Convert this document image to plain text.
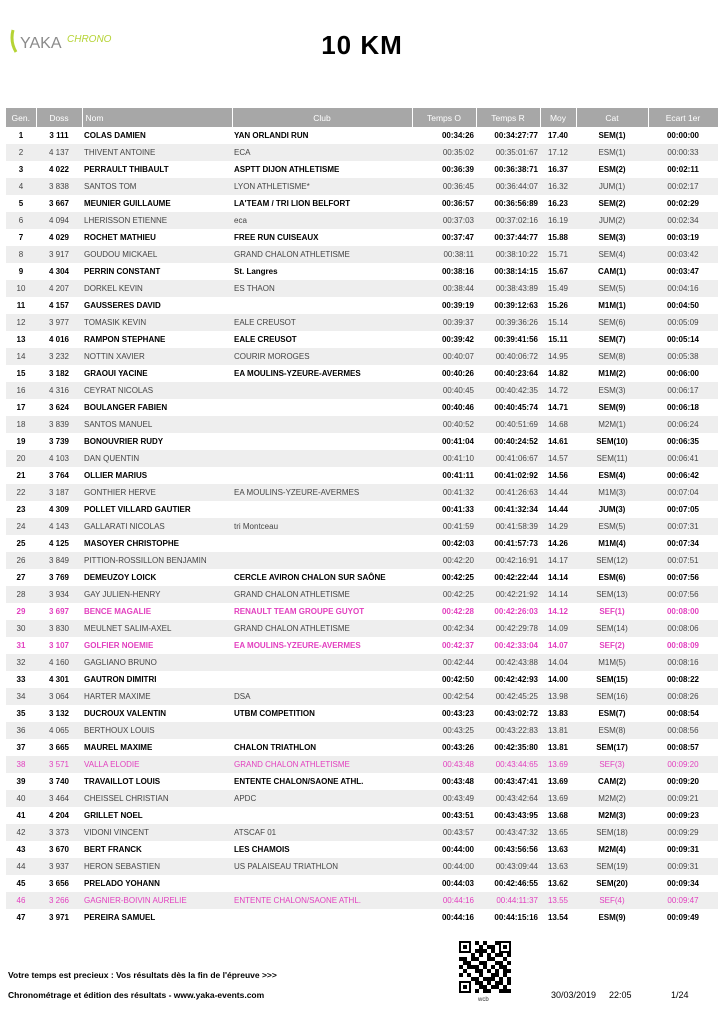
YAKA CHRONO	10 KM
Gen.	Doss	Nom	Club	Temps O	Temps R	Moy	Cat	Ecart 1er
1	3 111	COLAS DAMIEN	YAN ORLANDI RUN	00:34:26	00:34:27:77	17.40	SEM(1)	00:00:00
2	4 137	THIVENT ANTOINE	ECA	00:35:02	00:35:01:67	17.12	ESM(1)	00:00:33
3	4 022	PERRAULT THIBAULT	ASPTT DIJON ATHLETISME	00:36:39	00:36:38:71	16.37	ESM(2)	00:02:11
4	3 838	SANTOS TOM	LYON ATHLETISME*	00:36:45	00:36:44:07	16.32	JUM(1)	00:02:17
5	3 667	MEUNIER GUILLAUME	LA'TEAM / TRI LION BELFORT	00:36:57	00:36:56:89	16.23	SEM(2)	00:02:29
6	4 094	LHERISSON ETIENNE	eca	00:37:03	00:37:02:16	16.19	JUM(2)	00:02:34
7	4 029	ROCHET MATHIEU	FREE RUN CUISEAUX	00:37:47	00:37:44:77	15.88	SEM(3)	00:03:19
8	3 917	GOUDOU MICKAEL	GRAND CHALON ATHLETISME	00:38:11	00:38:10:22	15.71	SEM(4)	00:03:42
9	4 304	PERRIN CONSTANT	St. Langres	00:38:16	00:38:14:15	15.67	CAM(1)	00:03:47
10	4 207	DORKEL KEVIN	ES THAON	00:38:44	00:38:43:89	15.49	SEM(5)	00:04:16
11	4 157	GAUSSERES DAVID		00:39:19	00:39:12:63	15.26	M1M(1)	00:04:50
12	3 977	TOMASIK KEVIN	EALE CREUSOT	00:39:37	00:39:36:26	15.14	SEM(6)	00:05:09
13	4 016	RAMPON STEPHANE	EALE CREUSOT	00:39:42	00:39:41:56	15.11	SEM(7)	00:05:14
14	3 232	NOTTIN XAVIER	COURIR MOROGES	00:40:07	00:40:06:72	14.95	SEM(8)	00:05:38
15	3 182	GRAOUI YACINE	EA MOULINS-YZEURE-AVERMES	00:40:26	00:40:23:64	14.82	M1M(2)	00:06:00
16	4 316	CEYRAT NICOLAS		00:40:45	00:40:42:35	14.72	ESM(3)	00:06:17
17	3 624	BOULANGER FABIEN		00:40:46	00:40:45:74	14.71	SEM(9)	00:06:18
18	3 839	SANTOS MANUEL		00:40:52	00:40:51:69	14.68	M2M(1)	00:06:24
19	3 739	BONOUVRIER RUDY		00:41:04	00:40:24:52	14.61	SEM(10)	00:06:35
20	4 103	DAN QUENTIN		00:41:10	00:41:06:67	14.57	SEM(11)	00:06:41
21	3 764	OLLIER MARIUS		00:41:11	00:41:02:92	14.56	ESM(4)	00:06:42
22	3 187	GONTHIER HERVE	EA MOULINS-YZEURE-AVERMES	00:41:32	00:41:26:63	14.44	M1M(3)	00:07:04
23	4 309	POLLET VILLARD GAUTIER		00:41:33	00:41:32:34	14.44	JUM(3)	00:07:05
24	4 143	GALLARATI NICOLAS	tri Montceau	00:41:59	00:41:58:39	14.29	ESM(5)	00:07:31
25	4 125	MASOYER CHRISTOPHE		00:42:03	00:41:57:73	14.26	M1M(4)	00:07:34
26	3 849	PITTION-ROSSILLON BENJAMIN		00:42:20	00:42:16:91	14.17	SEM(12)	00:07:51
27	3 769	DEMEUZOY LOICK	CERCLE AVIRON CHALON SUR SAÔNE	00:42:25	00:42:22:44	14.14	ESM(6)	00:07:56
28	3 934	GAY JULIEN-HENRY	GRAND CHALON ATHLETISME	00:42:25	00:42:21:92	14.14	SEM(13)	00:07:56
29	3 697	BENCE MAGALIE	RENAULT TEAM GROUPE GUYOT	00:42:28	00:42:26:03	14.12	SEF(1)	00:08:00
30	3 830	MEULNET SALIM-AXEL	GRAND CHALON ATHLETISME	00:42:34	00:42:29:78	14.09	SEM(14)	00:08:06
31	3 107	GOLFIER NOEMIE	EA MOULINS-YZEURE-AVERMES	00:42:37	00:42:33:04	14.07	SEF(2)	00:08:09
32	4 160	GAGLIANO BRUNO		00:42:44	00:42:43:88	14.04	M1M(5)	00:08:16
33	4 301	GAUTRON DIMITRI		00:42:50	00:42:42:93	14.00	SEM(15)	00:08:22
34	3 064	HARTER MAXIME	DSA	00:42:54	00:42:45:25	13.98	SEM(16)	00:08:26
35	3 132	DUCROUX VALENTIN	UTBM COMPETITION	00:43:23	00:43:02:72	13.83	ESM(7)	00:08:54
36	4 065	BERTHOUX LOUIS		00:43:25	00:43:22:83	13.81	ESM(8)	00:08:56
37	3 665	MAUREL MAXIME	CHALON TRIATHLON	00:43:26	00:42:35:80	13.81	SEM(17)	00:08:57
38	3 571	VALLA ELODIE	GRAND CHALON ATHLETISME	00:43:48	00:43:44:65	13.69	SEF(3)	00:09:20
39	3 740	TRAVAILLOT LOUIS	ENTENTE CHALON/SAONE ATHL.	00:43:48	00:43:47:41	13.69	CAM(2)	00:09:20
40	3 464	CHEISSEL CHRISTIAN	APDC	00:43:49	00:43:42:64	13.69	M2M(2)	00:09:21
41	4 204	GRILLET NOEL		00:43:51	00:43:43:95	13.68	M2M(3)	00:09:23
42	3 373	VIDONI VINCENT	ATSCAF 01	00:43:57	00:43:47:32	13.65	SEM(18)	00:09:29
43	3 670	BERT FRANCK	LES CHAMOIS	00:44:00	00:43:56:56	13.63	M2M(4)	00:09:31
44	3 937	HERON SEBASTIEN	US PALAISEAU TRIATHLON	00:44:00	00:43:09:44	13.63	SEM(19)	00:09:31
45	3 656	PRELADO YOHANN		00:44:03	00:42:46:55	13.62	SEM(20)	00:09:34
46	3 266	GAGNIER-BOIVIN AURELIE	ENTENTE CHALON/SAONE ATHL.	00:44:16	00:44:11:37	13.55	SEF(4)	00:09:47
47	3 971	PEREIRA SAMUEL		00:44:16	00:44:15:16	13.54	ESM(9)	00:09:49
Votre temps est precieux : Vos résultats dès la fin de l'épreuve >>>
Chronométrage et édition des résultats - www.yaka-events.com	wcb	30/03/2019 22:05	1/24
